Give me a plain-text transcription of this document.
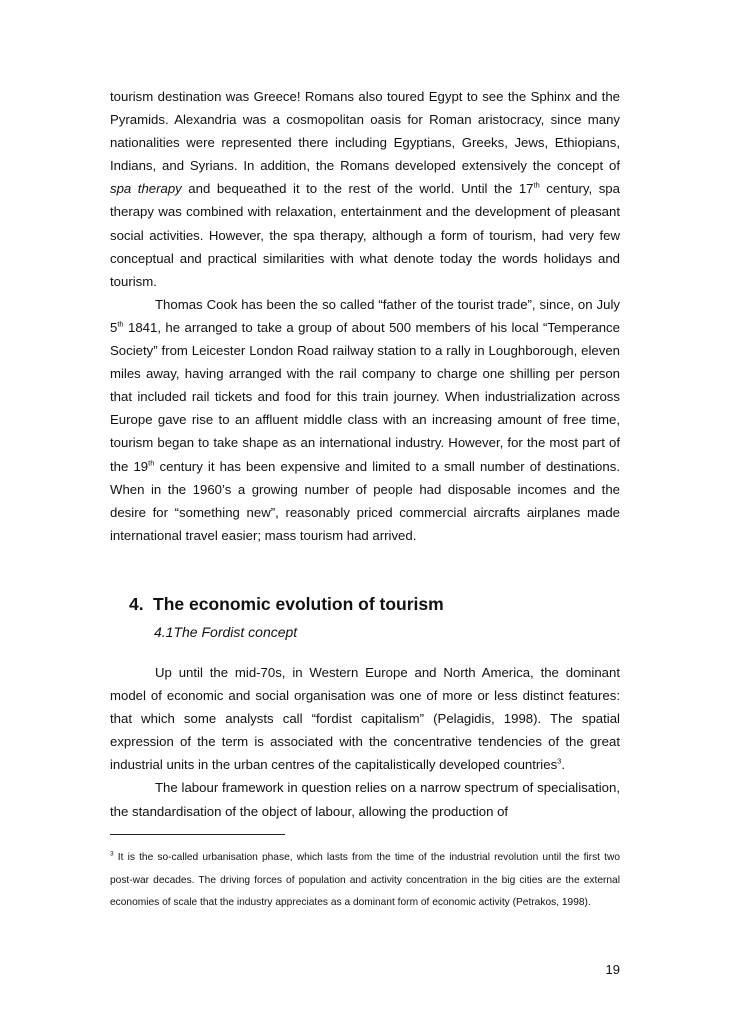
tourism destination was Greece! Romans also toured Egypt to see the Sphinx and the Pyramids. Alexandria was a cosmopolitan oasis for Roman aristocracy, since many nationalities were represented there including Egyptians, Greeks, Jews, Ethiopians, Indians, and Syrians. In addition, the Romans developed extensively the concept of spa therapy and bequeathed it to the rest of the world. Until the 17th century, spa therapy was combined with relaxation, entertainment and the development of pleasant social activities. However, the spa therapy, although a form of tourism, had very few conceptual and practical similarities with what denote today the words holidays and tourism.

Thomas Cook has been the so called “father of the tourist trade”, since, on July 5th 1841, he arranged to take a group of about 500 members of his local “Temperance Society” from Leicester London Road railway station to a rally in Loughborough, eleven miles away, having arranged with the rail company to charge one shilling per person that included rail tickets and food for this train journey. When industrialization across Europe gave rise to an affluent middle class with an increasing amount of free time, tourism began to take shape as an international industry. However, for the most part of the 19th century it has been expensive and limited to a small number of destinations. When in the 1960’s a growing number of people had disposable incomes and the desire for “something new”, reasonably priced commercial aircrafts airplanes made international travel easier; mass tourism had arrived.

4. The economic evolution of tourism
4.1The Fordist concept

Up until the mid-70s, in Western Europe and North America, the dominant model of economic and social organisation was one of more or less distinct features: that which some analysts call “fordist capitalism” (Pelagidis, 1998). The spatial expression of the term is associated with the concentrative tendencies of the great industrial units in the urban centres of the capitalistically developed countries$^3$.

The labour framework in question relies on a narrow spectrum of specialisation, the standardisation of the object of labour, allowing the production of

$^3$ It is the so-called urbanisation phase, which lasts from the time of the industrial revolution until the first two post-war decades. The driving forces of population and activity concentration in the big cities are the external economies of scale that the industry appreciates as a dominant form of economic activity (Petrakos, 1998).
19
